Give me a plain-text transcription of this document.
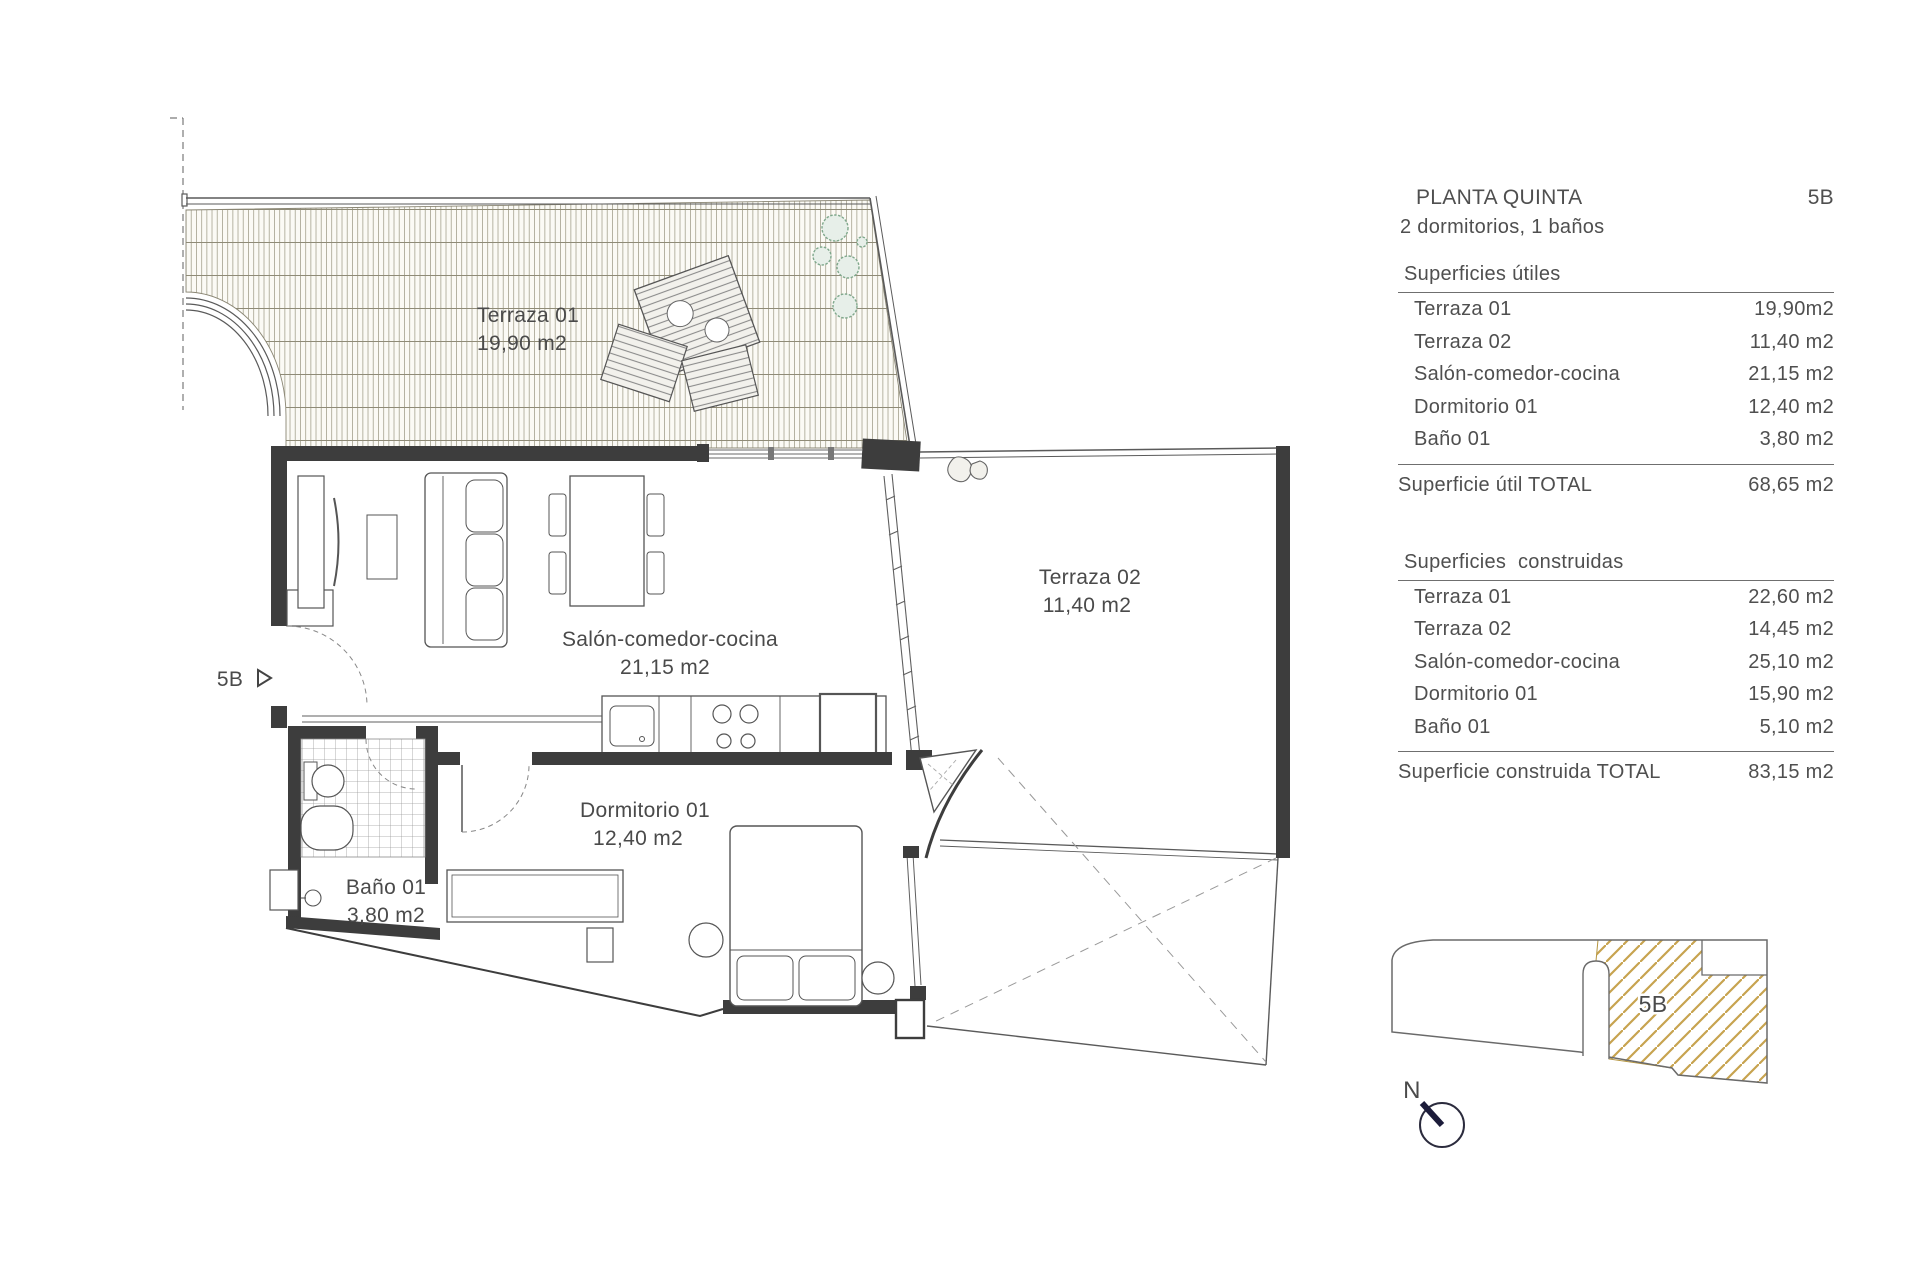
Terraza 01
19,90 m2
Terraza 02
11,40 m2
5B
Salón-comedor-cocina
21,15 m2
Baño 01
3,80 m2
Dormitorio 01
12,40 m2
PLANTA QUINTA	5B
2 dormitorios, 1 baños
Superficies útiles
Terraza 01	19,90m2
Terraza 02	11,40 m2
Salón-comedor-cocina	21,15 m2
Dormitorio 01	12,40 m2
Baño 01	3,80 m2
Superficie útil TOTAL	68,65 m2
Superficies  construidas
Terraza 01	22,60 m2
Terraza 02	14,45 m2
Salón-comedor-cocina	25,10 m2
Dormitorio 01	15,90 m2
Baño 01	5,10 m2
Superficie construida TOTAL	83,15 m2
5B
N
